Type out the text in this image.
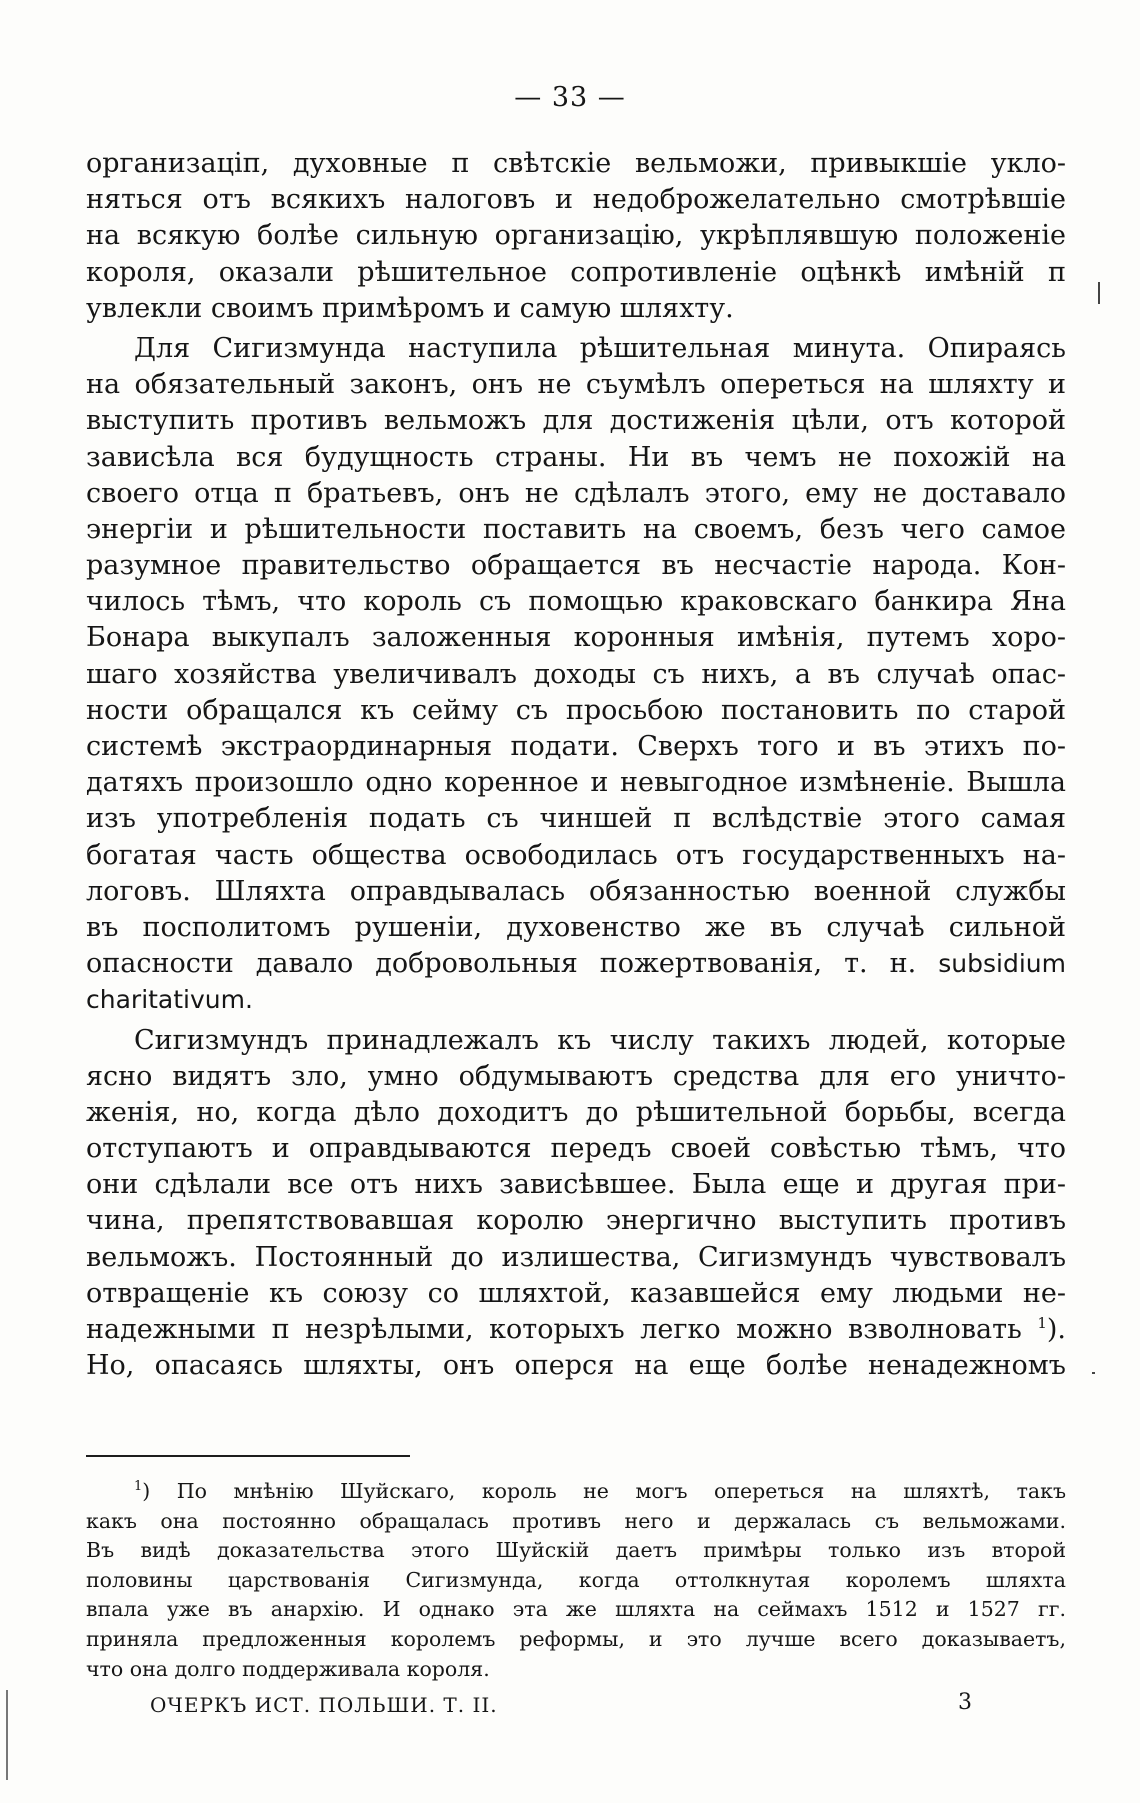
— 33 —
организаціп, духовные п свѣтскіе вельможи, привыкшіе укло-
няться отъ всякихъ налоговъ и недоброжелательно смотрѣвшіе
на всякую болѣе сильную организацію, укрѣплявшую положеніе
короля, оказали рѣшительное сопротивленіе оцѣнкѣ имѣній п
увлекли своимъ примѣромъ и самую шляхту.
Для Сигизмунда наступила рѣшительная минута. Опираясь
на обязательный законъ, онъ не съумѣлъ опереться на шляхту и
выступить противъ вельможъ для достиженія цѣли, отъ которой
зависѣла вся будущность страны. Ни въ чемъ не похожій на
своего отца п братьевъ, онъ не сдѣлалъ этого, ему не доставало
энергіи и рѣшительности поставить на своемъ, безъ чего самое
разумное правительство обращается въ несчастіе народа. Кон-
чилось тѣмъ, что король съ помощью краковскаго банкира Яна
Бонара выкупалъ заложенныя коронныя имѣнія, путемъ хоро-
шаго хозяйства увеличивалъ доходы съ нихъ, а въ случаѣ опас-
ности обращался къ сейму съ просьбою постановить по старой
системѣ экстраординарныя подати. Сверхъ того и въ этихъ по-
датяхъ произошло одно коренное и невыгодное измѣненіе. Вышла
изъ употребленія подать съ чиншей п вслѣдствіе этого самая
богатая часть общества освободилась отъ государственныхъ на-
логовъ. Шляхта оправдывалась обязанностью военной службы
въ посполитомъ рушеніи, духовенство же въ случаѣ сильной
опасности давало добровольныя пожертвованія, т. н. subsidium
charitativum.
Сигизмундъ принадлежалъ къ числу такихъ людей, которые
ясно видятъ зло, умно обдумываютъ средства для его уничто-
женія, но, когда дѣло доходитъ до рѣшительной борьбы, всегда
отступаютъ и оправдываются передъ своей совѣстью тѣмъ, что
они сдѣлали все отъ нихъ зависѣвшее. Была еще и другая при-
чина, препятствовавшая королю энергично выступить противъ
вельможъ. Постоянный до излишества, Сигизмундъ чувствовалъ
отвращеніе къ союзу со шляхтой, казавшейся ему людьми не-
надежными п незрѣлыми, которыхъ легко можно взволновать $^1$).
Но, опасаясь шляхты, онъ оперся на еще болѣе ненадежномъ
$^1$) По мнѣнію Шуйскаго, король не могъ опереться на шляхтѣ, такъ
какъ она постоянно обращалась противъ него и держалась съ вельможами.
Въ видѣ доказательства этого Шуйскій даетъ примѣры только изъ второй
половины царствованія Сигизмунда, когда оттолкнутая королемъ шляхта
впала уже въ анархію. И однако эта же шляхта на сеймахъ 1512 и 1527 гг.
приняла предложенныя королемъ реформы, и это лучше всего доказываетъ,
что она долго поддерживала короля.
ОЧЕРКЪ ИСТ. ПОЛЬШИ. Т. II.	3
